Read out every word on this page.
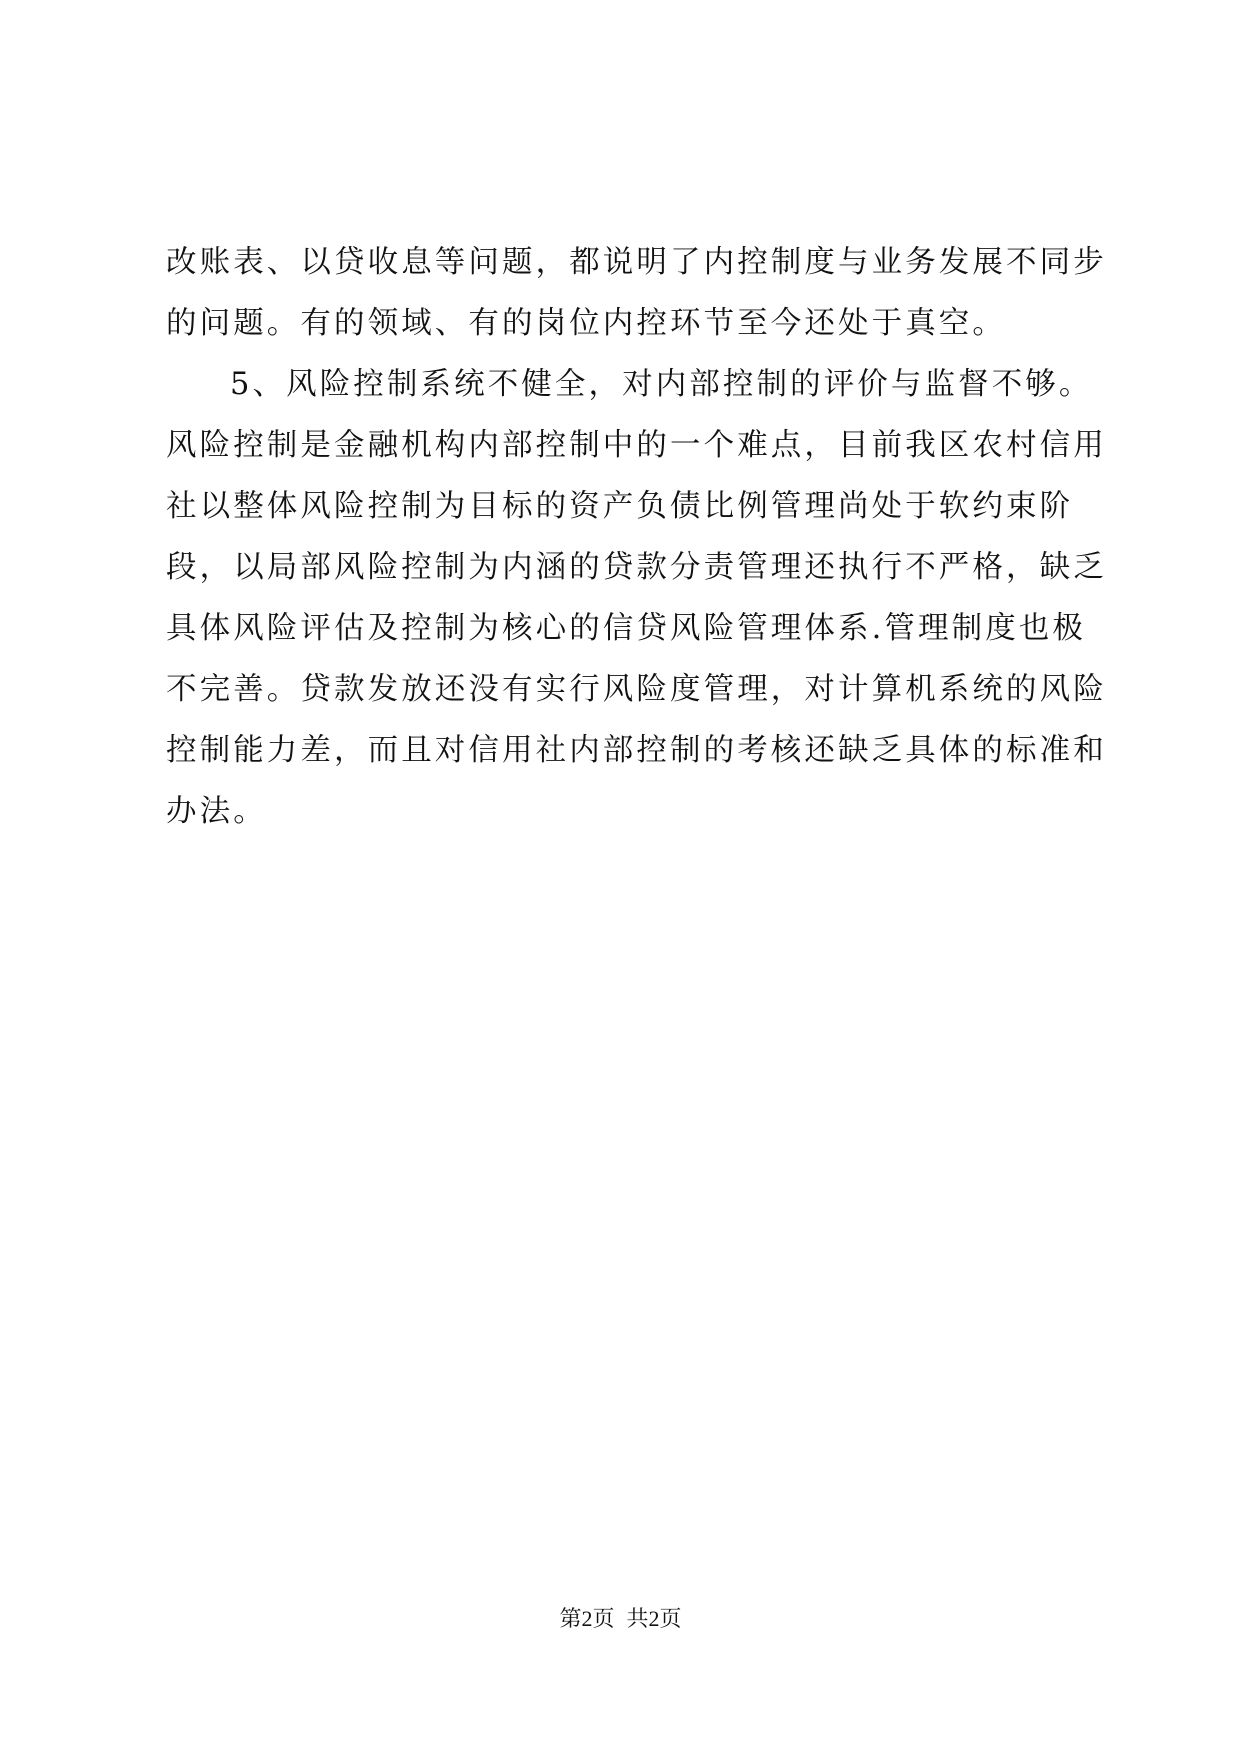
改账表、以贷收息等问题，都说明了内控制度与业务发展不同步
的问题。有的领域、有的岗位内控环节至今还处于真空。
5、风险控制系统不健全，对内部控制的评价与监督不够。
风险控制是金融机构内部控制中的一个难点，目前我区农村信用
社以整体风险控制为目标的资产负债比例管理尚处于软约束阶
段，以局部风险控制为内涵的贷款分责管理还执行不严格，缺乏
具体风险评估及控制为核心的信贷风险管理体系.管理制度也极
不完善。贷款发放还没有实行风险度管理，对计算机系统的风险
控制能力差，而且对信用社内部控制的考核还缺乏具体的标准和
办法。
第2页 共2页
